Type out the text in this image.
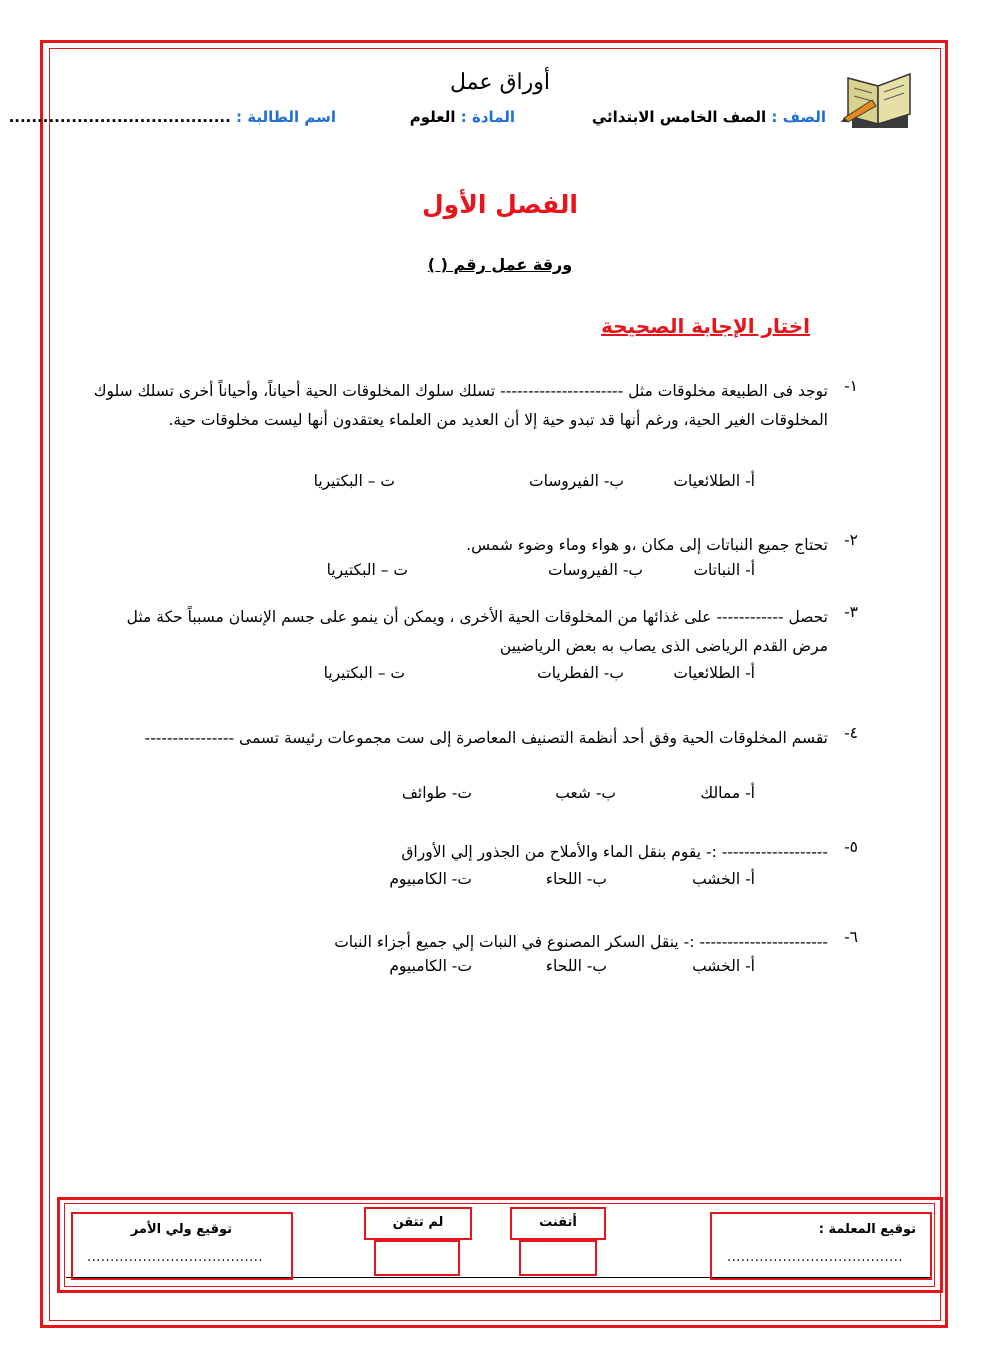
أوراق عمل
الصف : الصف الخامس الابتدائي
المادة : العلوم
اسم الطالبة : .......................................
الفصل الأول
ورقة عمل رقم ( )
اختار الإجابة الصحيحة
١-
توجد فى الطبيعة مخلوقات مثل ---------------------- تسلك سلوك المخلوقات الحية أحياناً، وأحياناً أخرى تسلك سلوك المخلوقات الغير الحية، ورغم أنها قد تبدو حية إلا أن العديد من العلماء يعتقدون أنها ليست مخلوقات حية.
أ- الطلائعيات
ب- الفيروسات
ت – البكتيريا
٢-
تحتاج جميع النباتات إلى مكان ،و هواء وماء وضوء شمس.
أ- النباتات
ب- الفيروسات
ت – البكتيريا
٣-
تحصل ------------ على غذائها من المخلوقات الحية الأخرى ، ويمكن أن ينمو على جسم الإنسان مسبباً حكة مثل مرض القدم الرياضى الذى يصاب به بعض الرياضيين
أ- الطلائعيات
ب- الفطريات
ت – البكتيريا
٤-
تقسم المخلوقات الحية وفق أحد أنظمة التصنيف المعاصرة إلى ست مجموعات رئيسة تسمى ----------------
أ- ممالك
ب- شعب
ت- طوائف
٥-
------------------- :- يقوم بنقل الماء والأملاح من الجذور إلي الأوراق
أ- الخشب
ب- اللحاء
ت- الكامبيوم
٦-
----------------------- :- ينقل السكر المصنوع في النبات إلي جميع أجزاء النبات
أ- الخشب
ب- اللحاء
ت- الكامبيوم
توقيع المعلمة :
......................................
أتقنت
لم تتقن
توقيع ولي الأمر
......................................
